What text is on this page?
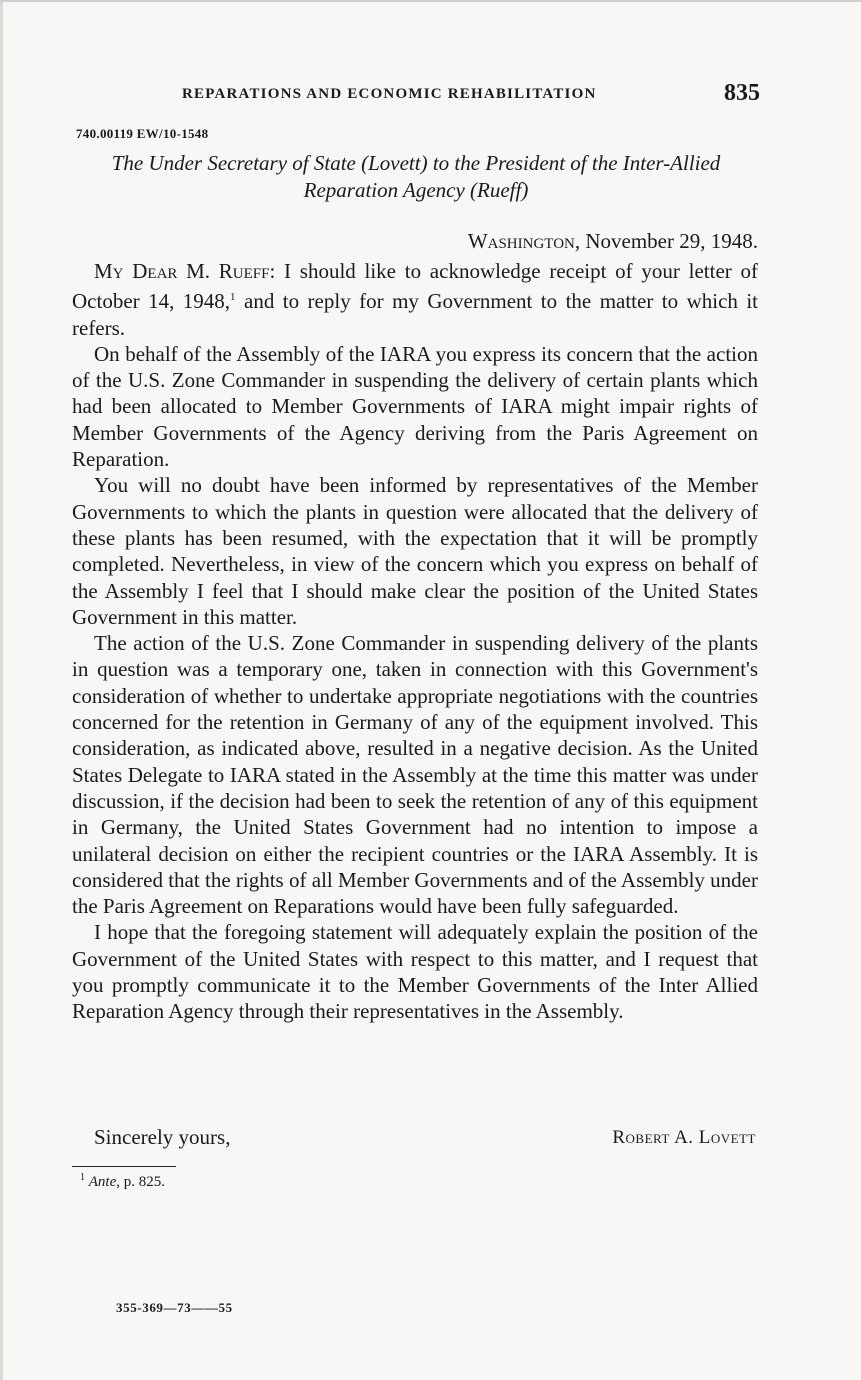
REPARATIONS AND ECONOMIC REHABILITATION	835
740.00119 EW/10-1548
The Under Secretary of State (Lovett) to the President of the Inter-Allied Reparation Agency (Rueff)
Washington, November 29, 1948.

My Dear M. Rueff: I should like to acknowledge receipt of your letter of October 14, 1948,$^1$ and to reply for my Government to the matter to which it refers.

On behalf of the Assembly of the IARA you express its concern that the action of the U.S. Zone Commander in suspending the delivery of certain plants which had been allocated to Member Governments of IARA might impair rights of Member Governments of the Agency deriving from the Paris Agreement on Reparation.

You will no doubt have been informed by representatives of the Member Governments to which the plants in question were allocated that the delivery of these plants has been resumed, with the expectation that it will be promptly completed. Nevertheless, in view of the concern which you express on behalf of the Assembly I feel that I should make clear the position of the United States Government in this matter.

The action of the U.S. Zone Commander in suspending delivery of the plants in question was a temporary one, taken in connection with this Government's consideration of whether to undertake appropriate negotiations with the countries concerned for the retention in Germany of any of the equipment involved. This consideration, as indicated above, resulted in a negative decision. As the United States Delegate to IARA stated in the Assembly at the time this matter was under discussion, if the decision had been to seek the retention of any of this equipment in Germany, the United States Government had no intention to impose a unilateral decision on either the recipient countries or the IARA Assembly. It is considered that the rights of all Member Governments and of the Assembly under the Paris Agreement on Reparations would have been fully safeguarded.

I hope that the foregoing statement will adequately explain the position of the Government of the United States with respect to this matter, and I request that you promptly communicate it to the Member Governments of the Inter Allied Reparation Agency through their representatives in the Assembly.

Sincerely yours,	Robert A. Lovett
$^1$ Ante, p. 825.
355-369—73——55
